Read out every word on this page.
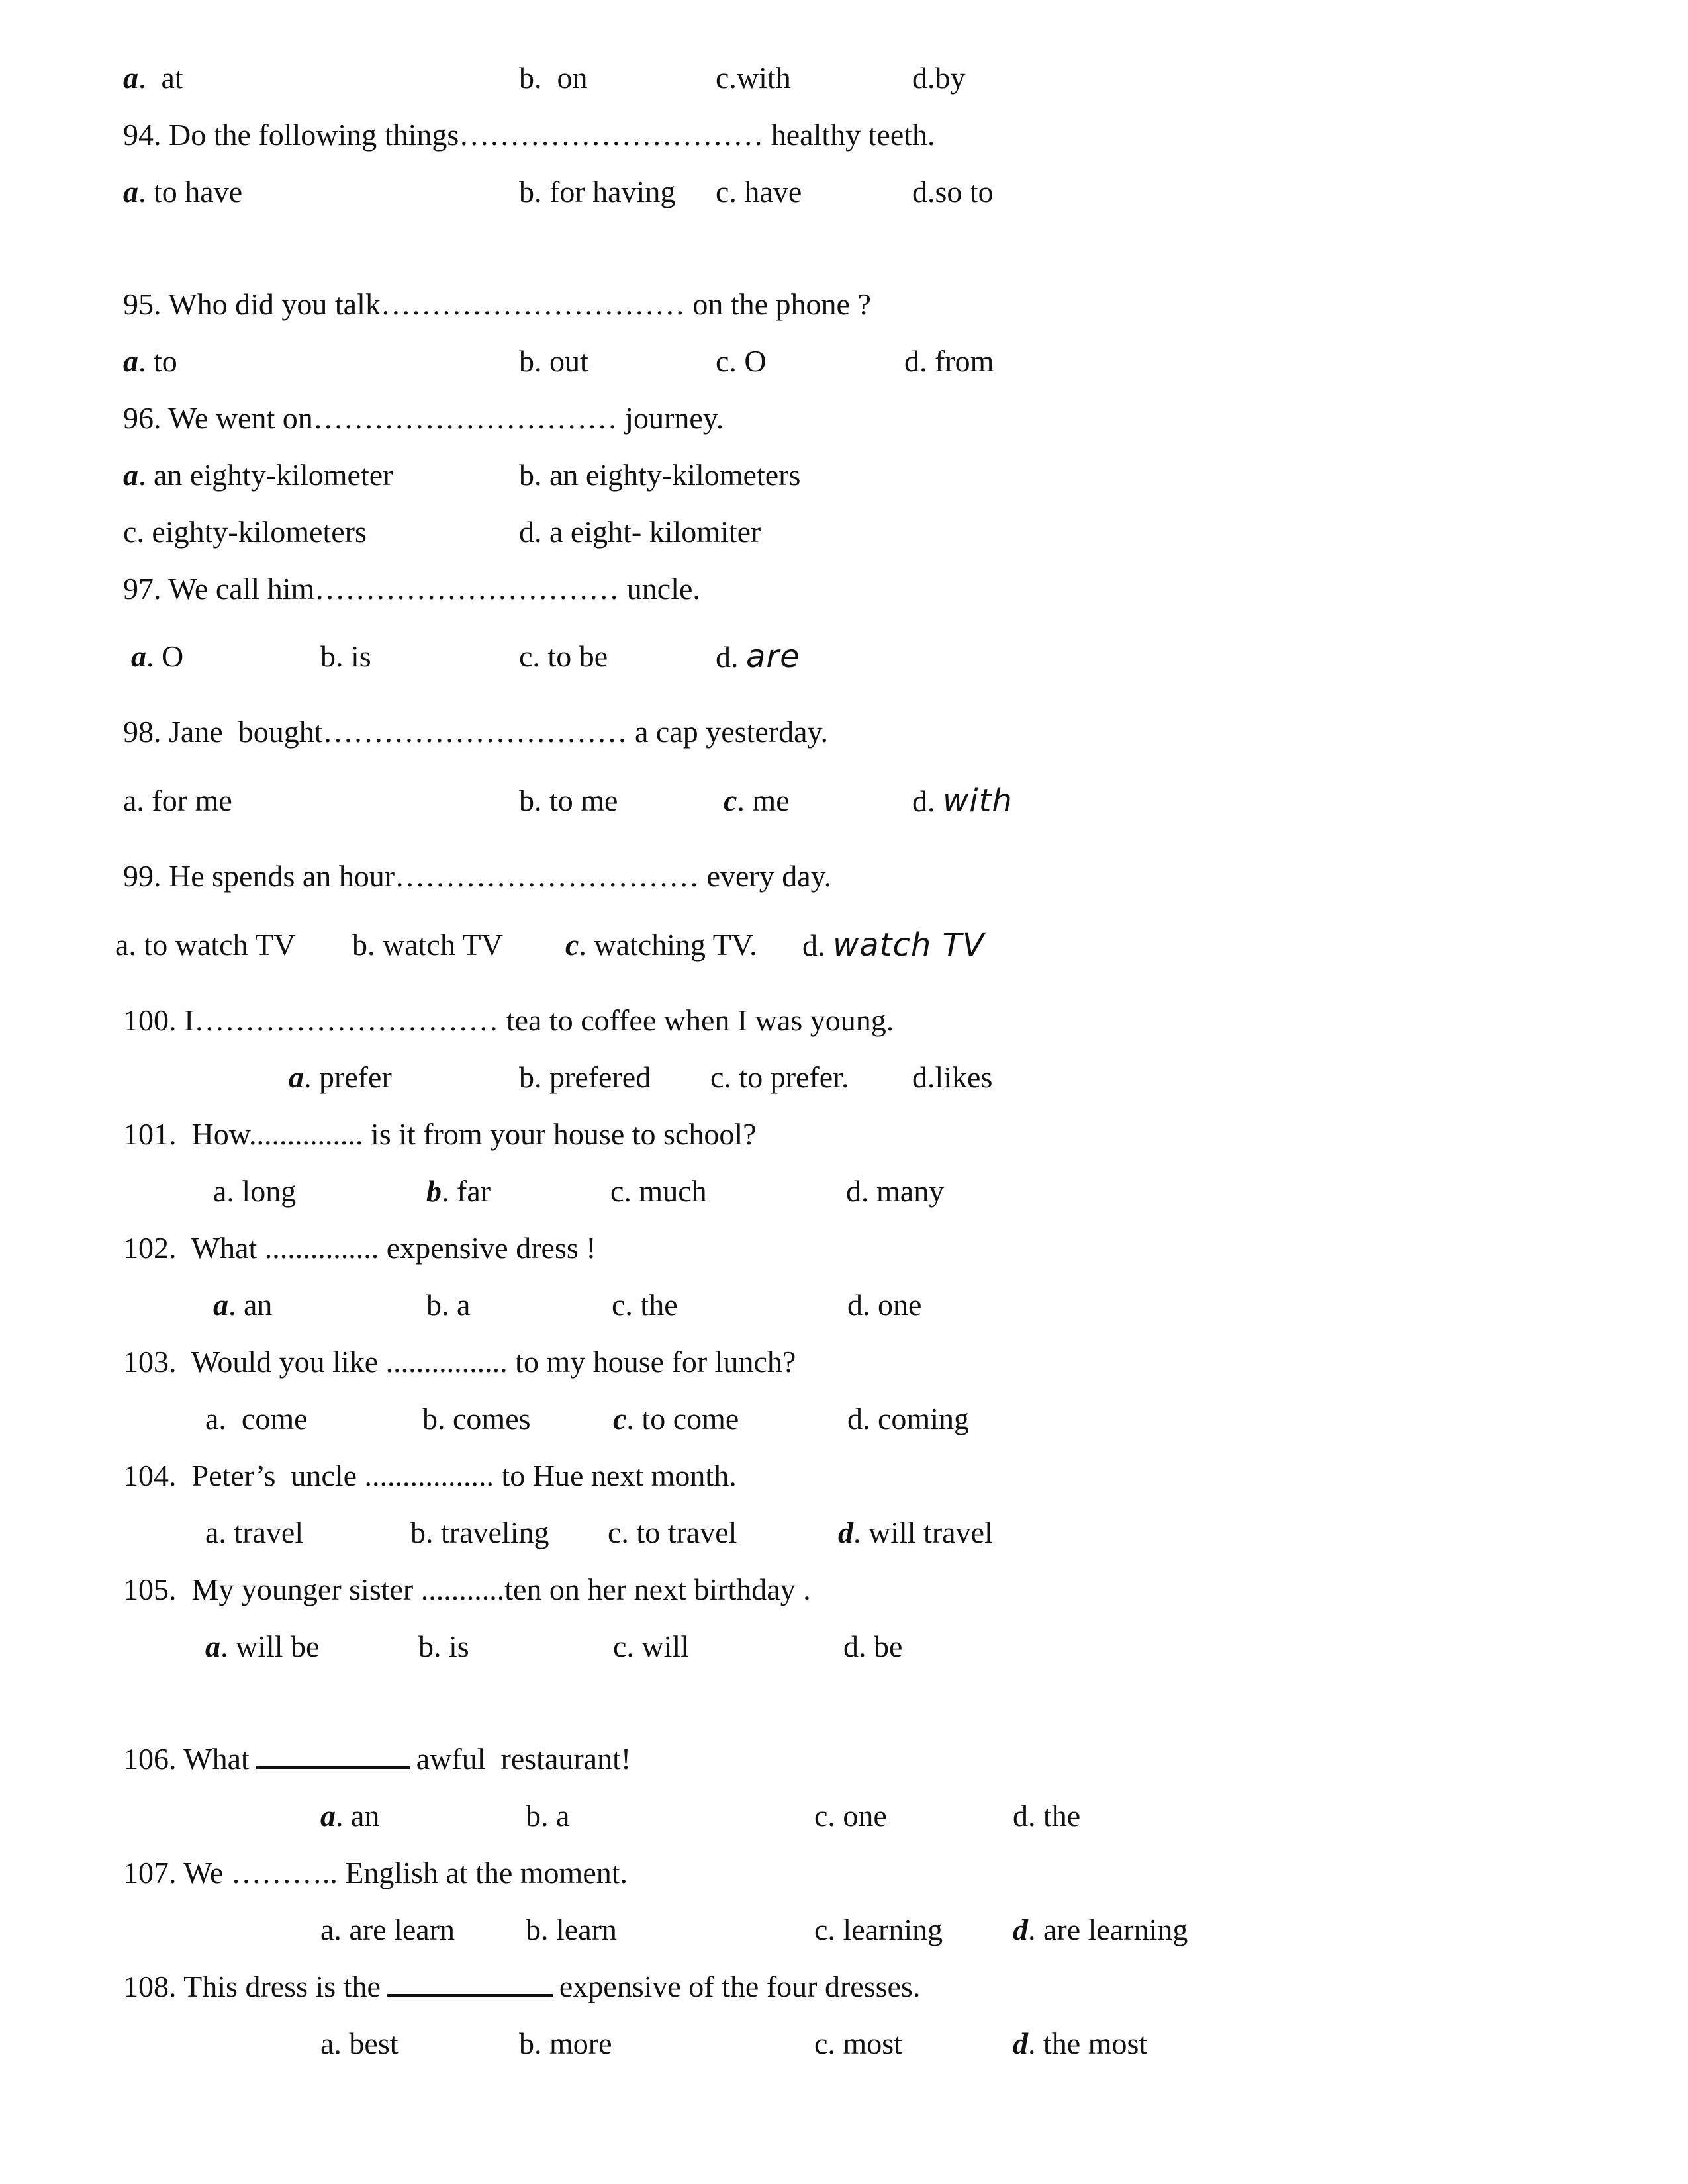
a.  at	b.  on	c.with	d.by
94. Do the following things………………………… healthy teeth.
a. to have	b. for having c. have	d.so to
95. Who did you talk………………………… on the phone ?
a. to	b. out	c. O	d. from
96. We went on………………………… journey.
a. an eighty-kilometer	b. an eighty-kilometers
c. eighty-kilometers	d. a eight- kilomiter
97. We call him………………………… uncle.
a. O	b. is	c. to be	d. are
98. Jane  bought………………………… a cap yesterday.
a. for me	b. to me	c. me	d. with
99. He spends an hour………………………… every day.
a. to watch TV b. watch TV c. watching TV. d. watch TV
100. I………………………… tea to coffee when I was young.
a. prefer	b. prefered c. to prefer. d.likes
101.  How............... is it from your house to school?
a. long	b. far	c. much	d. many
102.  What ............... expensive dress !
a. an	b. a	c. the	d. one
103.  Would you like ................ to my house for lunch?
a.  come	b. comes	c. to come	d. coming
104.  Peter’s  uncle ................. to Hue next month.
a. travel	b. traveling c. to travel	d. will travel
105.  My younger sister ...........ten on her next birthday .
a. will be	b. is	c. will	d. be
106. What	awful  restaurant!
a. an	b. a	c. one	d. the
107. We ……….. English at the moment.
a. are learn b. learn	c. learning d. are learning
108. This dress is the	expensive of the four dresses.
a. best	b. more	c. most	d. the most
